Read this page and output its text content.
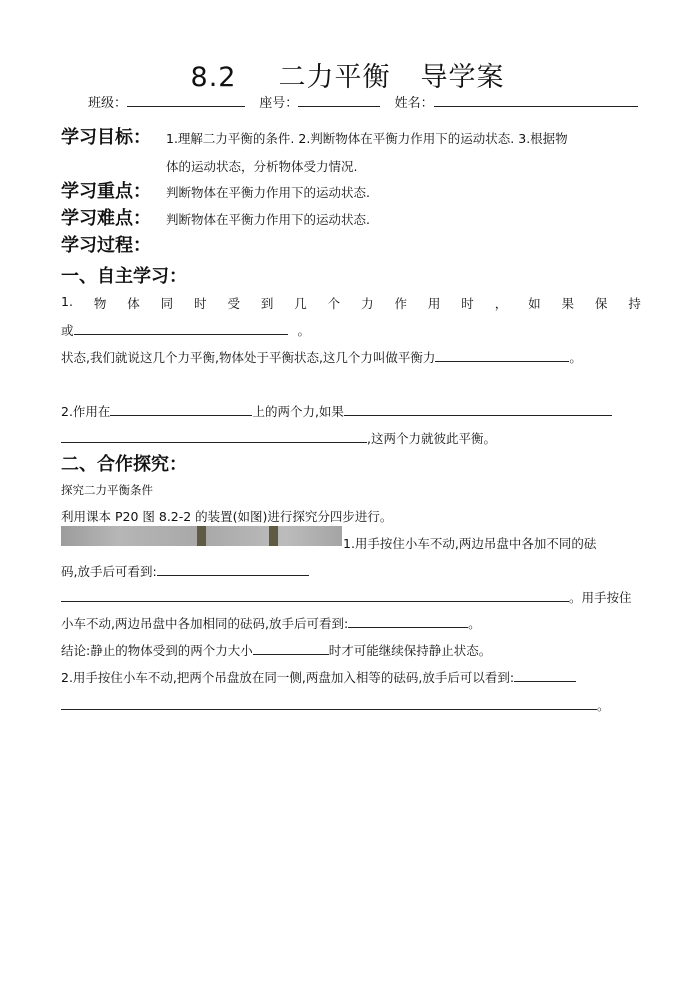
8.2 二力平衡 导学案
班级：	座号：	姓名：
学习目标： 1.理解二力平衡的条件. 2.判断物体在平衡力作用下的运动状态. 3.根据物
体的运动状态，分析物体受力情况.
学习重点： 判断物体在平衡力作用下的运动状态.
学习难点： 判断物体在平衡力作用下的运动状态.
学习过程：
一、自主学习：
1. 物 体 同 时 受 到 几 个 力 作 用 时 ， 如 果 保 持
或	。
状态,我们就说这几个力平衡,物体处于平衡状态,这几个力叫做平衡力	。
2.作用在	上的两个力,如果
,这两个力就彼此平衡。
二、合作探究：
探究二力平衡条件
利用课本 P20 图 8.2-2 的装置(如图)进行探究分四步进行。
1.用手按住小车不动,两边吊盘中各加不同的砝
码,放手后可看到:
。用手按住
小车不动,两边吊盘中各加相同的砝码,放手后可看到:	。
结论:静止的物体受到的两个力大小	时才可能继续保持静止状态。
2.用手按住小车不动,把两个吊盘放在同一侧,两盘加入相等的砝码,放手后可以看到:
。
